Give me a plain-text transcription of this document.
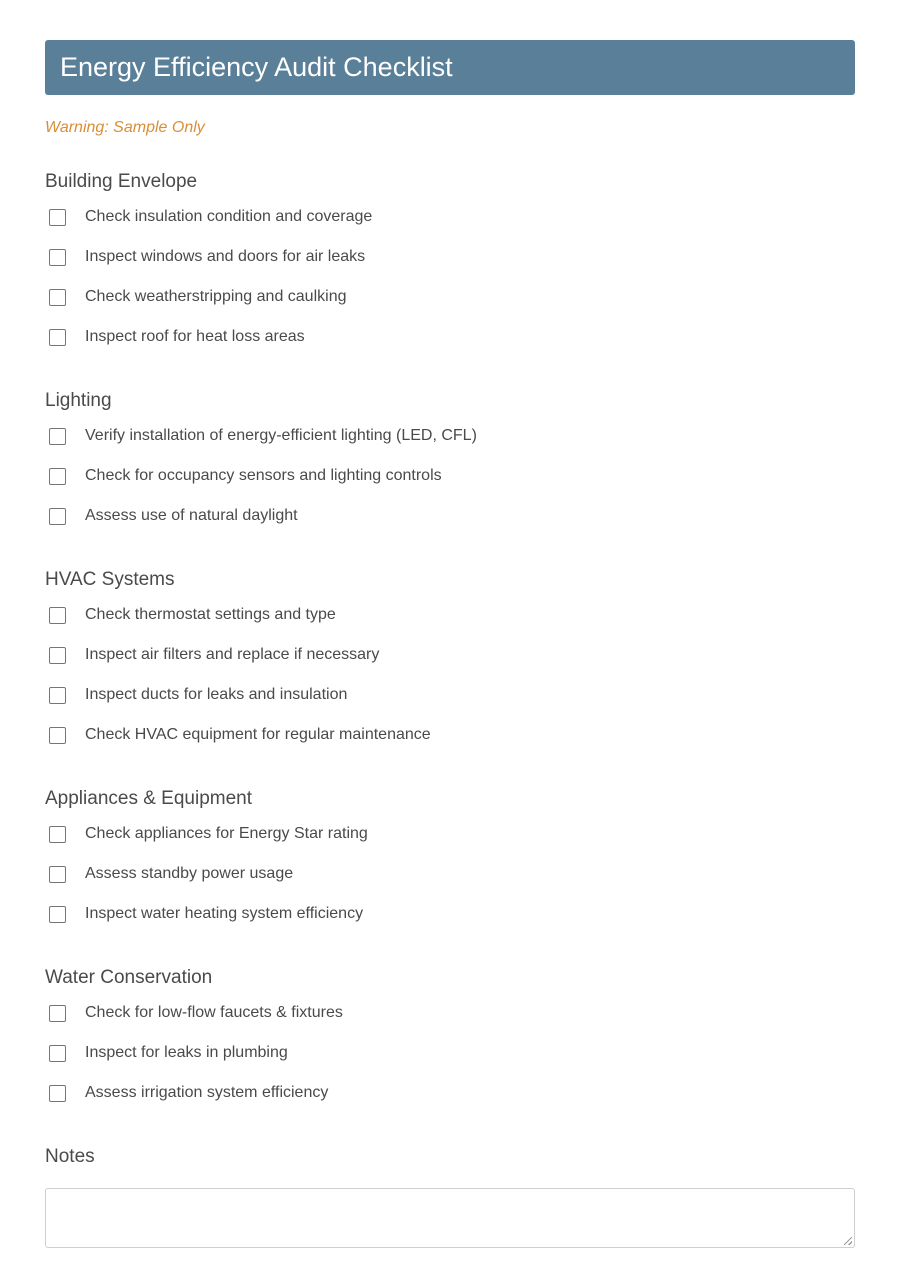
Energy Efficiency Audit Checklist
Warning: Sample Only
Building Envelope
Check insulation condition and coverage
Inspect windows and doors for air leaks
Check weatherstripping and caulking
Inspect roof for heat loss areas
Lighting
Verify installation of energy-efficient lighting (LED, CFL)
Check for occupancy sensors and lighting controls
Assess use of natural daylight
HVAC Systems
Check thermostat settings and type
Inspect air filters and replace if necessary
Inspect ducts for leaks and insulation
Check HVAC equipment for regular maintenance
Appliances & Equipment
Check appliances for Energy Star rating
Assess standby power usage
Inspect water heating system efficiency
Water Conservation
Check for low-flow faucets & fixtures
Inspect for leaks in plumbing
Assess irrigation system efficiency
Notes
